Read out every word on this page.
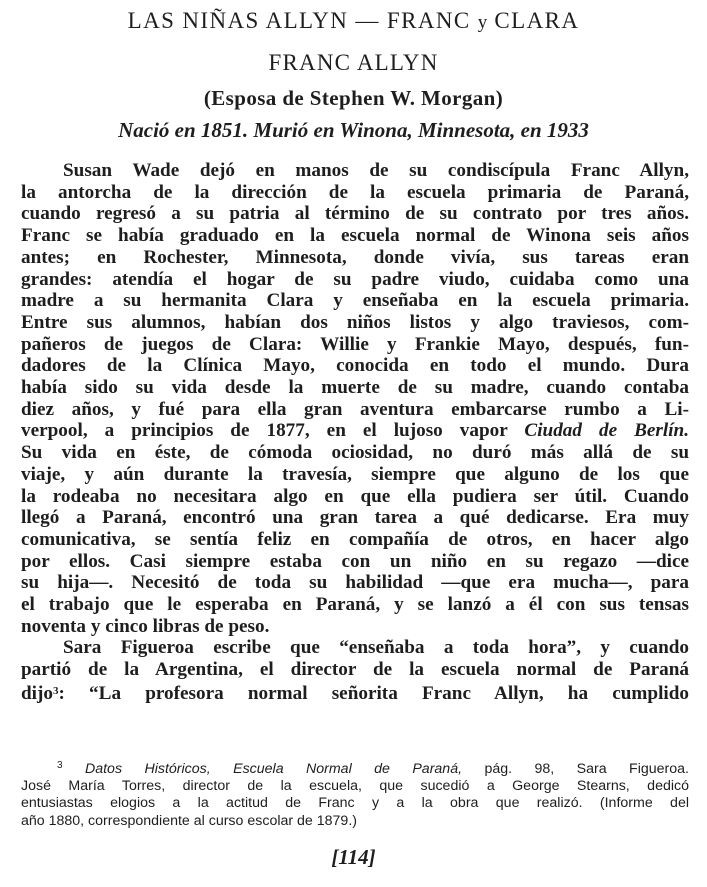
LAS NIÑAS ALLYN — FRANC y CLARA
FRANC ALLYN
(Esposa de Stephen W. Morgan)
Nació en 1851. Murió en Winona, Minnesota, en 1933
Susan Wade dejó en manos de su condiscípula Franc Allyn,
la antorcha de la dirección de la escuela primaria de Paraná,
cuando regresó a su patria al término de su contrato por tres años.
Franc se había graduado en la escuela normal de Winona seis años
antes; en Rochester, Minnesota, donde vivía, sus tareas eran
grandes: atendía el hogar de su padre viudo, cuidaba como una
madre a su hermanita Clara y enseñaba en la escuela primaria.
Entre sus alumnos, habían dos niños listos y algo traviesos, com-
pañeros de juegos de Clara: Willie y Frankie Mayo, después, fun-
dadores de la Clínica Mayo, conocida en todo el mundo. Dura
había sido su vida desde la muerte de su madre, cuando contaba
diez años, y fué para ella gran aventura embarcarse rumbo a Li-
verpool, a principios de 1877, en el lujoso vapor Ciudad de Berlín.
Su vida en éste, de cómoda ociosidad, no duró más allá de su
viaje, y aún durante la travesía, siempre que alguno de los que
la rodeaba no necesitara algo en que ella pudiera ser útil. Cuando
llegó a Paraná, encontró una gran tarea a qué dedicarse. Era muy
comunicativa, se sentía feliz en compañía de otros, en hacer algo
por ellos. Casi siempre estaba con un niño en su regazo —dice
su hija—. Necesitó de toda su habilidad —que era mucha—, para
el trabajo que le esperaba en Paraná, y se lanzó a él con sus tensas
noventa y cinco libras de peso.
Sara Figueroa escribe que “enseñaba a toda hora”, y cuando
partió de la Argentina, el director de la escuela normal de Paraná
dijo$^3$: “La profesora normal señorita Franc Allyn, ha cumplido
$^3$ Datos Históricos, Escuela Normal de Paraná, pág. 98, Sara Figueroa.
José María Torres, director de la escuela, que sucedió a George Stearns, dedicó
entusiastas elogios a la actitud de Franc y a la obra que realizó. (Informe del
año 1880, correspondiente al curso escolar de 1879.)
[114]
